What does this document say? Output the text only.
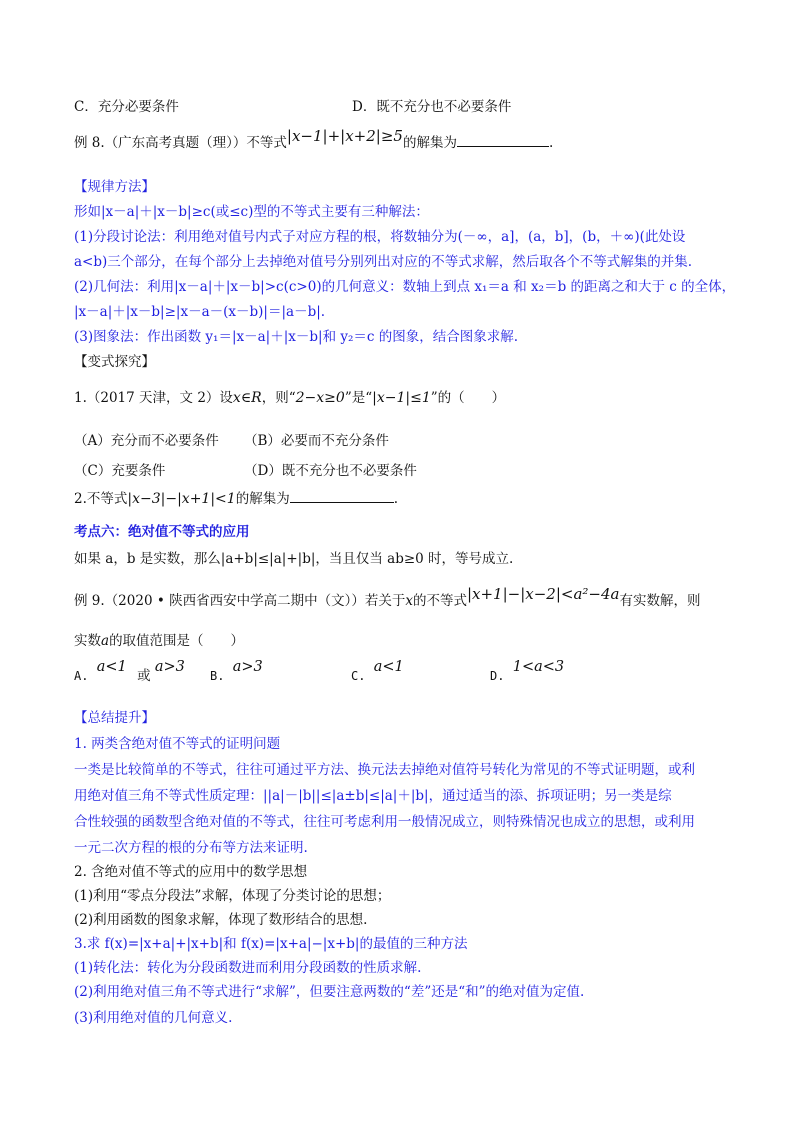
C．充分必要条件	D．既不充分也不必要条件
例 8.（广东高考真题（理））不等式|x−1|+|x+2|≥5的解集为	.
【规律方法】
形如|x－a|＋|x－b|≥c(或≤c)型的不等式主要有三种解法：
(1)分段讨论法：利用绝对值号内式子对应方程的根，将数轴分为(－∞，a]，(a，b]，(b，＋∞)(此处设
a<b)三个部分，在每个部分上去掉绝对值号分别列出对应的不等式求解，然后取各个不等式解集的并集.
(2)几何法：利用|x－a|＋|x－b|>c(c>0)的几何意义：数轴上到点 x₁＝a 和 x₂＝b 的距离之和大于 c 的全体，
|x－a|＋|x－b|≥|x－a－(x－b)|＝|a－b|.
(3)图象法：作出函数 y₁＝|x－a|＋|x－b|和 y₂＝c 的图象，结合图象求解.
【变式探究】
1.（2017 天津，文 2）设x∈R，则“2−x≥0”是“|x−1|≤1”的（　　）
（A）充分而不必要条件 （B）必要而不充分条件
（C）充要条件	（D）既不充分也不必要条件
2.不等式|x−3|−|x+1|<1的解集为	.
考点六：绝对值不等式的应用
如果 a，b 是实数，那么|a+b|≤|a|+|b|，当且仅当 ab≥0 时，等号成立.
例 9.（2020 • 陕西省西安中学高二期中（文））若关于x的不等式|x+1|−|x−2|<a²−4a有实数解，则
实数a的取值范围是（　　）
A. a<1 或 a>3
B. a>3
C. a<1
D. 1<a<3
【总结提升】
1. 两类含绝对值不等式的证明问题
一类是比较简单的不等式，往往可通过平方法、换元法去掉绝对值符号转化为常见的不等式证明题，或利
用绝对值三角不等式性质定理：||a|－|b||≤|a±b|≤|a|＋|b|，通过适当的添、拆项证明；另一类是综
合性较强的函数型含绝对值的不等式，往往可考虑利用一般情况成立，则特殊情况也成立的思想，或利用
一元二次方程的根的分布等方法来证明.
2. 含绝对值不等式的应用中的数学思想
(1)利用“零点分段法”求解，体现了分类讨论的思想；
(2)利用函数的图象求解，体现了数形结合的思想.
3.求 f(x)=|x+a|+|x+b|和 f(x)=|x+a|−|x+b|的最值的三种方法
(1)转化法：转化为分段函数进而利用分段函数的性质求解.
(2)利用绝对值三角不等式进行“求解”，但要注意两数的“差”还是“和”的绝对值为定值.
(3)利用绝对值的几何意义.
